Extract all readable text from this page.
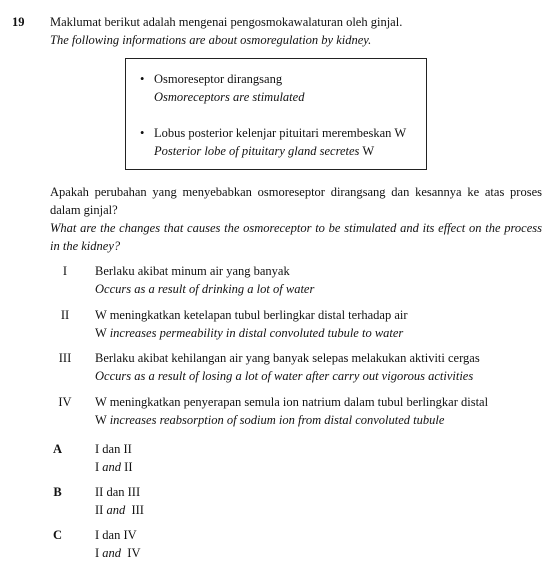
19 Maklumat berikut adalah mengenai pengosmokawalaturan oleh ginjal.
The following informations are about osmoregulation by kidney.
• Osmoreseptor dirangsang
Osmoreceptors are stimulated
• Lobus posterior kelenjar pituitari merembeskan W
Posterior lobe of pituitary gland secretes W

Apakah perubahan yang menyebabkan osmoreseptor dirangsang dan kesannya ke atas proses dalam ginjal?

What are the changes that causes the osmoreceptor to be stimulated and its effect on the process in the kidney?

I	Berlaku akibat minum air yang banyak
Occurs as a result of drinking a lot of water
II	W meningkatkan ketelapan tubul berlingkar distal terhadap air
W increases permeability in distal convoluted tubule to water
III	Berlaku akibat kehilangan air yang banyak selepas melakukan aktiviti cergas
Occurs as a result of losing a lot of water after carry out vigorous activities
IV	W meningkatkan penyerapan semula ion natrium dalam tubul berlingkar distal
W increases reabsorption of sodium ion from distal convoluted tubule
A	I dan II
I and II
B	II dan III
II and  III
C	I dan IV
I and  IV
